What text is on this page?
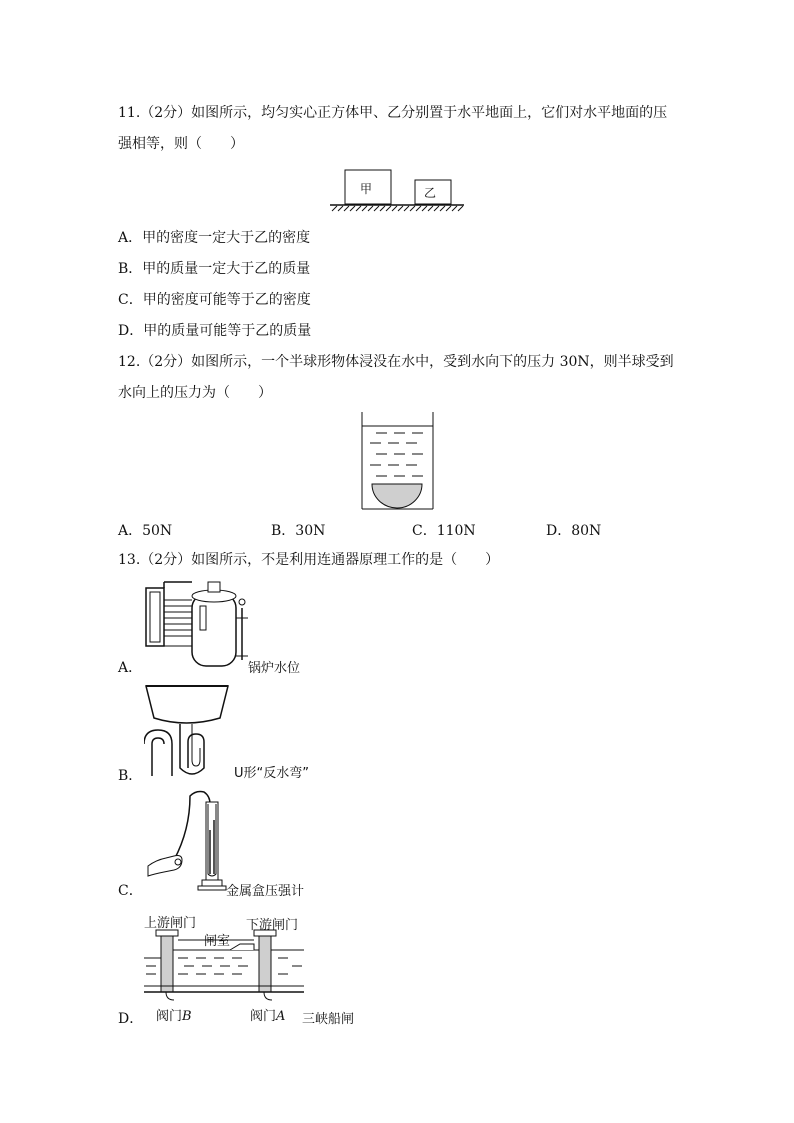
11.（2分）如图所示，均匀实心正方体甲、乙分别置于水平地面上，它们对水平地面的压
强相等，则（　　）
甲	乙
A．甲的密度一定大于乙的密度
B．甲的质量一定大于乙的质量
C．甲的密度可能等于乙的密度
D．甲的质量可能等于乙的质量
12.（2分）如图所示，一个半球形物体浸没在水中，受到水向下的压力 30N，则半球受到
水向上的压力为（　　）
A．50N	B．30N	C．110N	D．80N
13.（2分）如图所示，不是利用连通器原理工作的是（　　）
A．	锅炉水位
B．	U形“反水弯”
C．	金属盒压强计
上游闸门	下游闸门
闸室
D． 阀门B	阀门A 三峡船闸
